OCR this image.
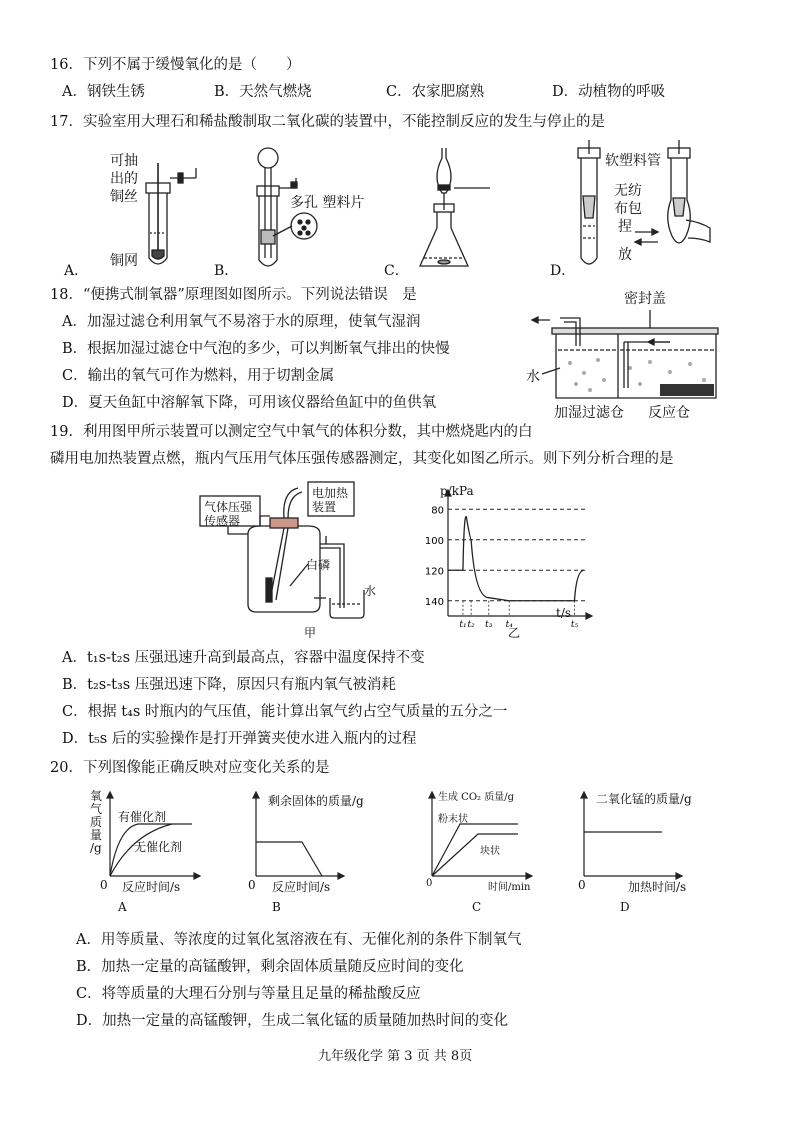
16．下列不属于缓慢氧化的是（　　）
A．钢铁生锈	B．天然气燃烧	C．农家肥腐熟	D．动植物的呼吸
17．实验室用大理石和稀盐酸制取二氧化碳的装置中，不能控制反应的发生与停止的是
可抽
出的
铜丝
铜网
A．
多孔 塑料片
B．	C．
软塑料管
无纺
布包
捏
放
D．
18．“便携式制氧器”原理图如图所示。下列说法错误　是
A．加湿过滤仓利用氧气不易溶于水的原理，使氧气湿润
B．根据加湿过滤仓中气泡的多少，可以判断氧气排出的快慢
C．输出的氧气可作为燃料，用于切割金属
D．夏天鱼缸中溶解氧下降，可用该仪器给鱼缸中的鱼供氧
密封盖
水
加湿过滤仓 反应仓
19．利用图甲所示装置可以测定空气中氧气的体积分数，其中燃烧匙内的白
磷用电加热装置点燃，瓶内气压用气体压强传感器测定，其变化如图乙所示。则下列分析合理的是
气体压强
传感器
电加热
装置
白磷
水
甲
140
120
100
80
t₁ t₂ t₃ t₄	t₅
p/kPa
t/s
乙
A．t₁s-t₂s 压强迅速升高到最高点，容器中温度保持不变
B．t₂s-t₃s 压强迅速下降，原因只有瓶内氧气被消耗
C．根据 t₄s 时瓶内的气压值，能计算出氧气约占空气质量的五分之一
D．t₅s 后的实验操作是打开弹簧夹使水进入瓶内的过程
20．下列图像能正确反映对应变化关系的是
氧
气
质
量
/g
有催化剂
无催化剂
0 反应时间/s
A
剩余固体的质量/g
0 反应时间/s
B
生成 CO₂ 质量/g
粉末状
块状
0	时间/min
C
二氧化锰的质量/g
0	加热时间/s
D
A．用等质量、等浓度的过氧化氢溶液在有、无催化剂的条件下制氧气
B．加热一定量的高锰酸钾，剩余固体质量随反应时间的变化
C．将等质量的大理石分别与等量且足量的稀盐酸反应
D．加热一定量的高锰酸钾，生成二氧化锰的质量随加热时间的变化
九年级化学 第 3 页 共 8页
